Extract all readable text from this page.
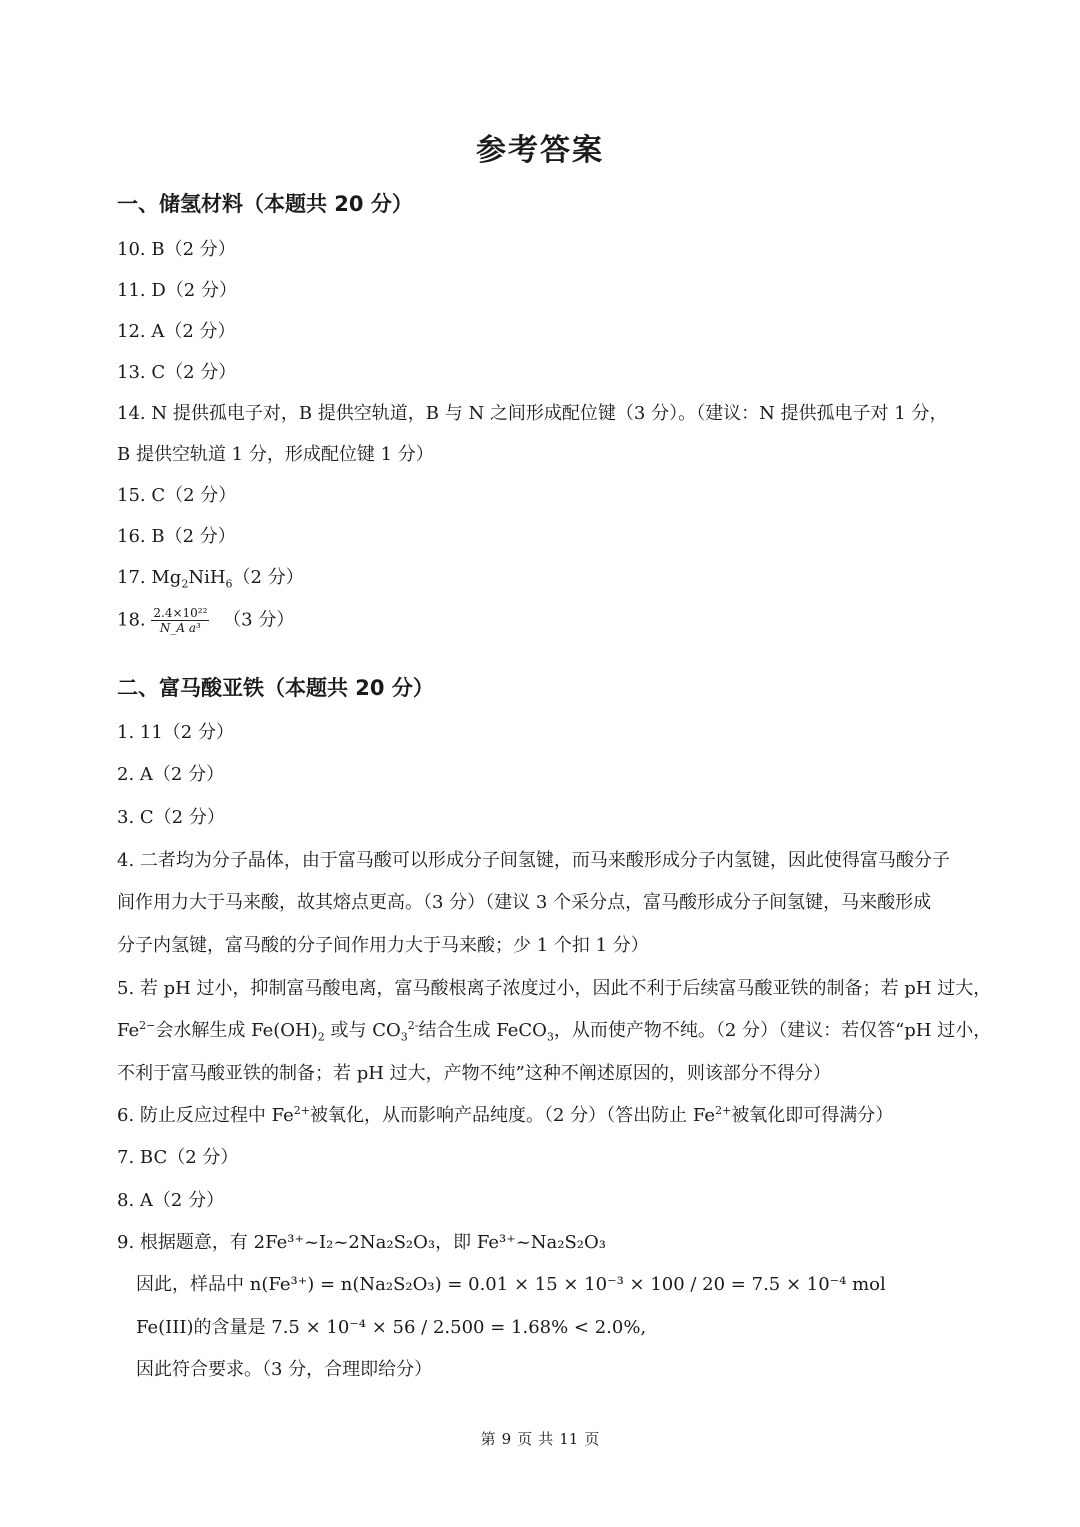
参考答案
一、储氢材料（本题共 20 分）
10. B（2 分）
11. D（2 分）
12. A（2 分）
13. C（2 分）
14. N 提供孤电子对，B 提供空轨道，B 与 N 之间形成配位键（3 分）。（建议：N 提供孤电子对 1 分，
B 提供空轨道 1 分，形成配位键 1 分）
15. C（2 分）
16. B（2 分）
17. $Mg_2NiH_6(2$ 分）
18. $\frac{\text{2.4×10²²}}{\text{N\_A a³}} (3$ 分）
二、富马酸亚铁（本题共 20 分）
1. 11（2 分）
2. A（2 分）
3. C（2 分）
4. 二者均为分子晶体，由于富马酸可以形成分子间氢键，而马来酸形成分子内氢键，因此使得富马酸分子
间作用力大于马来酸，故其熔点更高。（3 分）（建议 3 个采分点，富马酸形成分子间氢键，马来酸形成
分子内氢键，富马酸的分子间作用力大于马来酸；少 1 个扣 1 分）
5. 若 pH 过小，抑制富马酸电离，富马酸根离子浓度过小，因此不利于后续富马酸亚铁的制备；若 pH 过大，
$Fe^{2-}$会水解生成 $Fe(OH)_2$ 或与 $CO_3^{2-}$结合生成 FeCO$_3$，从而使产物不纯。（2 分）（建议：若仅答“pH 过小，
不利于富马酸亚铁的制备；若 pH 过大，产物不纯”这种不阐述原因的，则该部分不得分）
6. 防止反应过程中 $Fe^{2+}$被氧化，从而影响产品纯度。（2 分）（答出防止 $Fe^{2+}$被氧化即可得满分）
7. BC（2 分）
8. A（2 分）
9. 根据题意，有 2Fe³⁺~I₂~2Na₂S₂O₃，即 Fe³⁺~Na₂S₂O₃
因此，样品中 n(Fe³⁺) = n(Na₂S₂O₃) = 0.01 × 15 × 10⁻³ × 100 / 20 = 7.5 × 10⁻⁴ mol
Fe(III)的含量是 7.5 × 10⁻⁴ × 56 / 2.500 = 1.68% < 2.0%,
因此符合要求。（3 分，合理即给分）
第 9 页 共 11 页
